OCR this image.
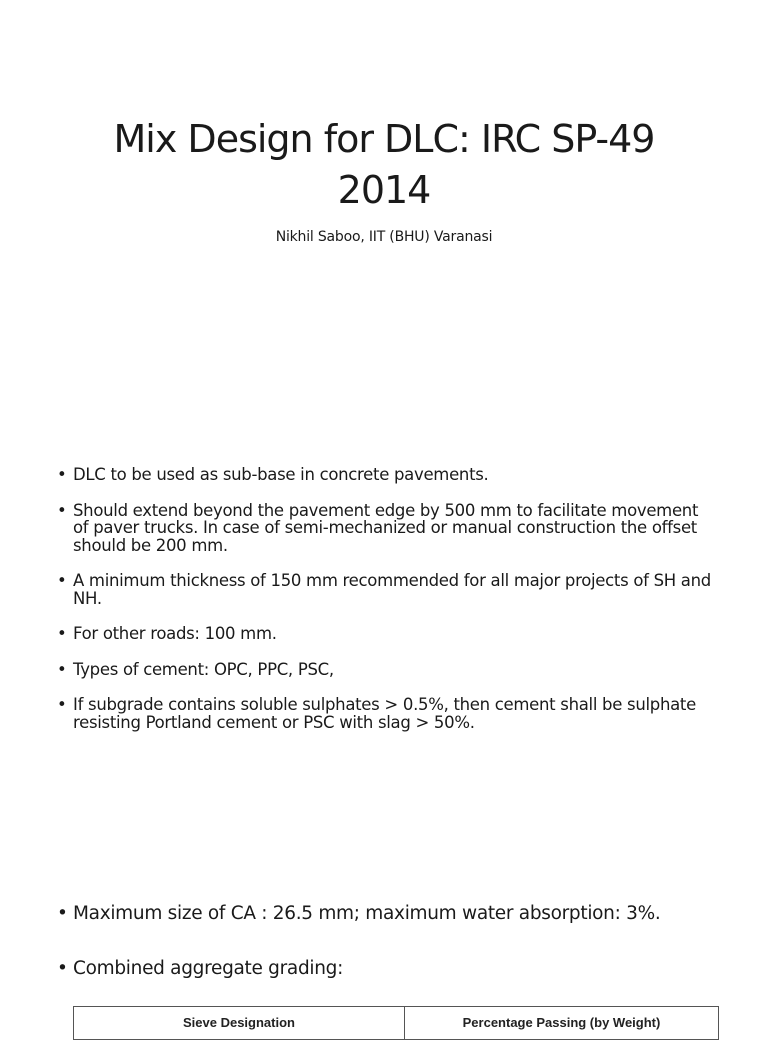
Mix Design for DLC: IRC SP-49 2014
Nikhil Saboo, IIT (BHU) Varanasi
• DLC to be used as sub-base in concrete pavements.
• Should extend beyond the pavement edge by 500 mm to facilitate movement of paver trucks. In case of semi-mechanized or manual construction the offset should be 200 mm.
• A minimum thickness of 150 mm recommended for all major projects of SH and NH.
• For other roads: 100 mm.
• Types of cement: OPC, PPC, PSC,
• If subgrade contains soluble sulphates > 0.5%, then cement shall be sulphate resisting Portland cement or PSC with slag > 50%.
• Maximum size of CA : 26.5 mm; maximum water absorption: 3%.
• Combined aggregate grading:
Sieve Designation	Percentage Passing (by Weight)
